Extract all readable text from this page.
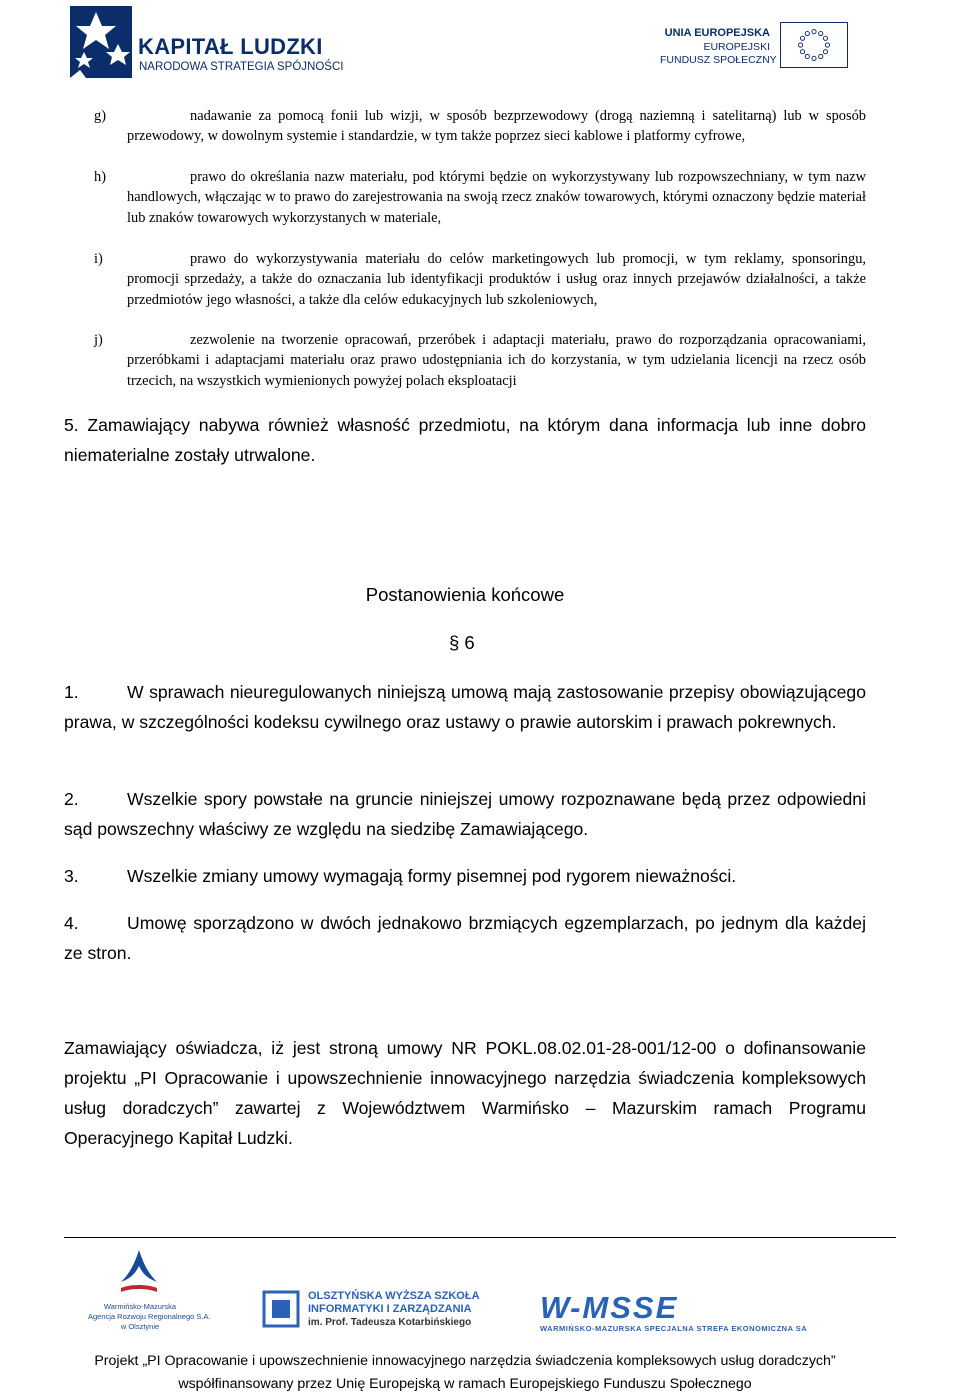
KAPITAŁ LUDZKI
NARODOWA STRATEGIA SPÓJNOŚCI
UNIA EUROPEJSKA
EUROPEJSKI
FUNDUSZ SPOŁECZNY
g)	nadawanie za pomocą fonii lub wizji, w sposób bezprzewodowy (drogą naziemną i satelitarną) lub w sposób przewodowy, w dowolnym systemie i standardzie, w tym także poprzez sieci kablowe i platformy cyfrowe,
h)	prawo do określania nazw materiału, pod którymi będzie on wykorzystywany lub rozpowszechniany, w tym nazw handlowych, włączając w to prawo do zarejestrowania na swoją rzecz znaków towarowych, którymi oznaczony będzie materiał lub znaków towarowych wykorzystanych w materiale,
i)	prawo do wykorzystywania materiału do celów marketingowych lub promocji, w tym reklamy, sponsoringu, promocji sprzedaży, a także do oznaczania lub identyfikacji produktów i usług oraz innych przejawów działalności, a także przedmiotów jego własności, a także dla celów edukacyjnych lub szkoleniowych,
j)	zezwolenie na tworzenie opracowań, przeróbek i adaptacji materiału, prawo do rozporządzania opracowaniami, przeróbkami i adaptacjami materiału oraz prawo udostępniania ich do korzystania, w tym udzielania licencji na rzecz osób trzecich, na wszystkich wymienionych powyżej polach eksploatacji
5. Zamawiający nabywa również własność przedmiotu, na którym dana informacja lub inne dobro niematerialne zostały utrwalone.
Postanowienia końcowe
§ 6
W sprawach nieuregulowanych niniejszą umową mają zastosowanie przepisy obowiązującego prawa, w szczególności kodeksu cywilnego oraz ustawy o prawie autorskim i prawach pokrewnych.
1.
Wszelkie spory powstałe na gruncie niniejszej umowy rozpoznawane będą przez odpowiedni sąd powszechny właściwy ze względu na siedzibę Zamawiającego.
2.
Wszelkie zmiany umowy wymagają formy pisemnej pod rygorem nieważności.
3.
Umowę sporządzono w dwóch jednakowo brzmiących egzemplarzach, po jednym dla każdej ze stron.
4.
Zamawiający oświadcza, iż jest stroną umowy NR POKL.08.02.01-28-001/12-00 o dofinansowanie projektu „PI Opracowanie i upowszechnienie innowacyjnego narzędzia świadczenia kompleksowych usług doradczych” zawartej z Województwem Warmińsko – Mazurskim ramach Programu Operacyjnego Kapitał Ludzki.
Warmińsko-Mazurska
Agencja Rozwoju Regionalnego S.A.
w Olsztynie
OLSZTYŃSKA WYŻSZA SZKOŁA
INFORMATYKI I ZARZĄDZANIA
im. Prof. Tadeusza Kotarbińskiego W-MSSE
WARMIŃSKO-MAZURSKA SPECJALNA STREFA EKONOMICZNA SA
Projekt „PI Opracowanie i upowszechnienie innowacyjnego narzędzia świadczenia kompleksowych usług doradczych”
współfinansowany przez Unię Europejską w ramach Europejskiego Funduszu Społecznego
